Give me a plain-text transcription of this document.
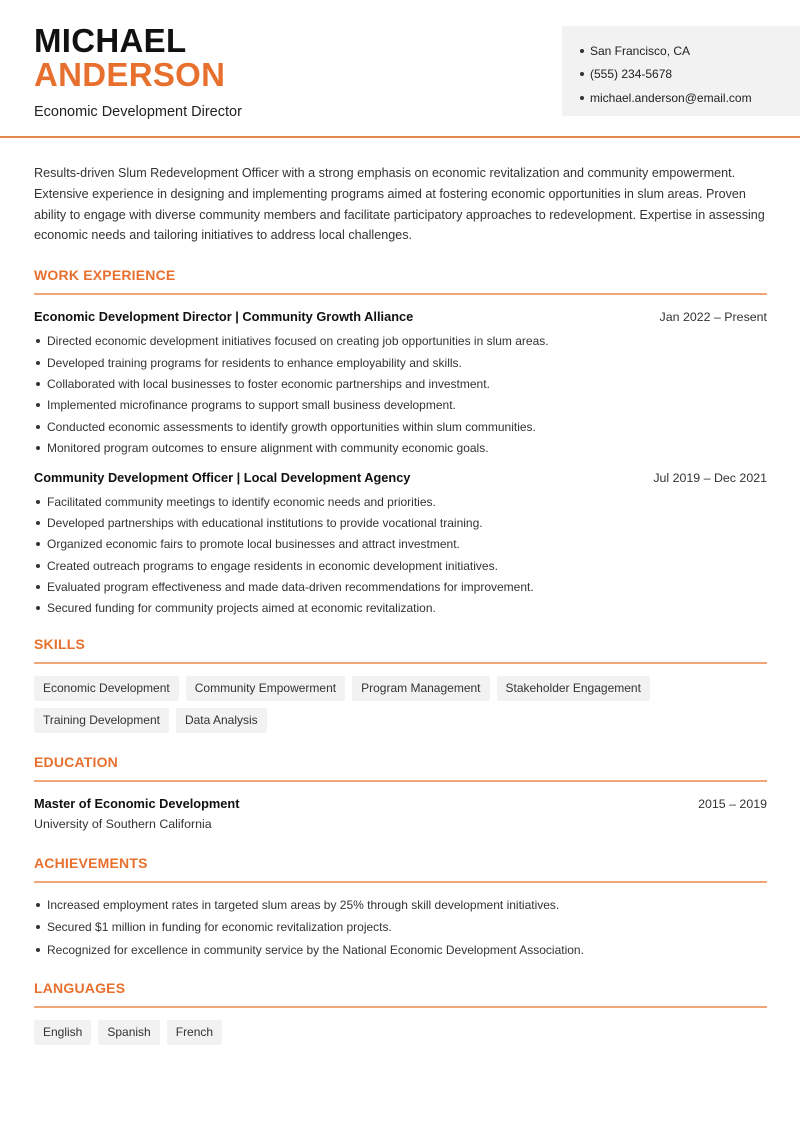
MICHAEL
ANDERSON
Economic Development Director
San Francisco, CA
(555) 234-5678
michael.anderson@email.com

Results-driven Slum Redevelopment Officer with a strong emphasis on economic revitalization and community empowerment. Extensive experience in designing and implementing programs aimed at fostering economic opportunities in slum areas. Proven ability to engage with diverse community members and facilitate participatory approaches to redevelopment. Expertise in assessing economic needs and tailoring initiatives to address local challenges.

WORK EXPERIENCE
Economic Development Director | Community Growth Alliance	Jan 2022 – Present
Directed economic development initiatives focused on creating job opportunities in slum areas.
Developed training programs for residents to enhance employability and skills.
Collaborated with local businesses to foster economic partnerships and investment.
Implemented microfinance programs to support small business development.
Conducted economic assessments to identify growth opportunities within slum communities.
Monitored program outcomes to ensure alignment with community economic goals.
Community Development Officer | Local Development Agency	Jul 2019 – Dec 2021
Facilitated community meetings to identify economic needs and priorities.
Developed partnerships with educational institutions to provide vocational training.
Organized economic fairs to promote local businesses and attract investment.
Created outreach programs to engage residents in economic development initiatives.
Evaluated program effectiveness and made data-driven recommendations for improvement.
Secured funding for community projects aimed at economic revitalization.
SKILLS
Economic Development	Community Empowerment	Program Management	Stakeholder Engagement
Training Development	Data Analysis
EDUCATION
Master of Economic Development	2015 – 2019
University of Southern California
ACHIEVEMENTS
Increased employment rates in targeted slum areas by 25% through skill development initiatives.
Secured $1 million in funding for economic revitalization projects.
Recognized for excellence in community service by the National Economic Development Association.
LANGUAGES
English	Spanish	French
